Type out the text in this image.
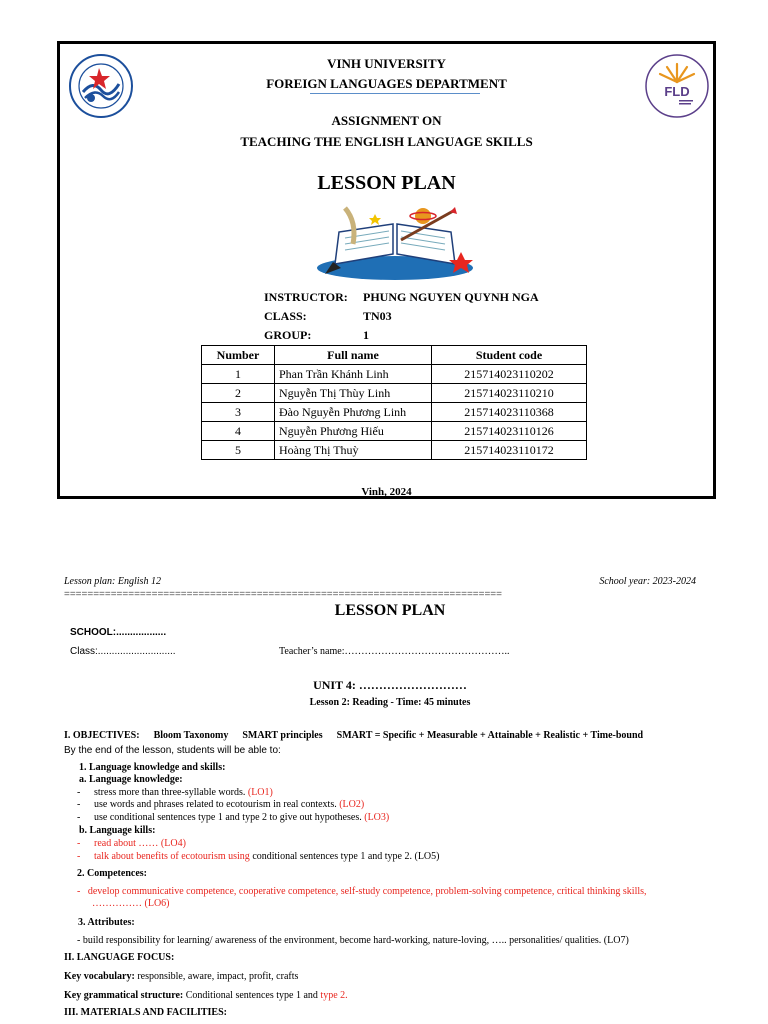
FLD
VINH UNIVERSITY
FOREIGN LANGUAGES DEPARTMENT
ASSIGNMENT ON
TEACHING THE ENGLISH LANGUAGE SKILLS
LESSON PLAN
INSTRUCTOR: PHUNG NGUYEN QUYNH NGA
CLASS:	TN03
GROUP:	1
Number	Full name	Student code
1	Phan Trần Khánh Linh	215714023110202
2	Nguyễn Thị Thùy Linh	215714023110210
3	Đào Nguyễn Phương Linh	215714023110368
4	Nguyễn Phương Hiếu	215714023110126
5	Hoàng Thị Thuỳ	215714023110172
Vinh, 2024
Lesson plan: English 12	School year: 2023-2024
===========================================================================
LESSON PLAN
SCHOOL:..................
Class:............................	Teacher’s name:…………………………………………..
UNIT 4: ………………………
Lesson 2: Reading - Time: 45 minutes
I. OBJECTIVES: Bloom Taxonomy SMART principles SMART = Specific + Measurable + Attainable + Realistic + Time-bound
By the end of the lesson, students will be able to:
1. Language knowledge and skills:
a. Language knowledge:
- stress more than three-syllable words. (LO1)
- use words and phrases related to ecotourism in real contexts. (LO2)
- use conditional sentences type 1 and type 2 to give out hypotheses. (LO3)
b. Language kills:
- read about …… (LO4)
- talk about benefits of ecotourism using conditional sentences type 1 and type 2. (LO5)
2. Competences:
-   develop communicative competence, cooperative competence, self-study competence, problem-solving competence, critical thinking skills,
…………… (LO6)
3. Attributes:
- build responsibility for learning/ awareness of the environment, become hard-working, nature-loving, ….. personalities/ qualities. (LO7)
II. LANGUAGE FOCUS:
Key vocabulary: responsible, aware, impact, profit, crafts
Key grammatical structure: Conditional sentences type 1 and type 2.
III. MATERIALS AND FACILITIES:
